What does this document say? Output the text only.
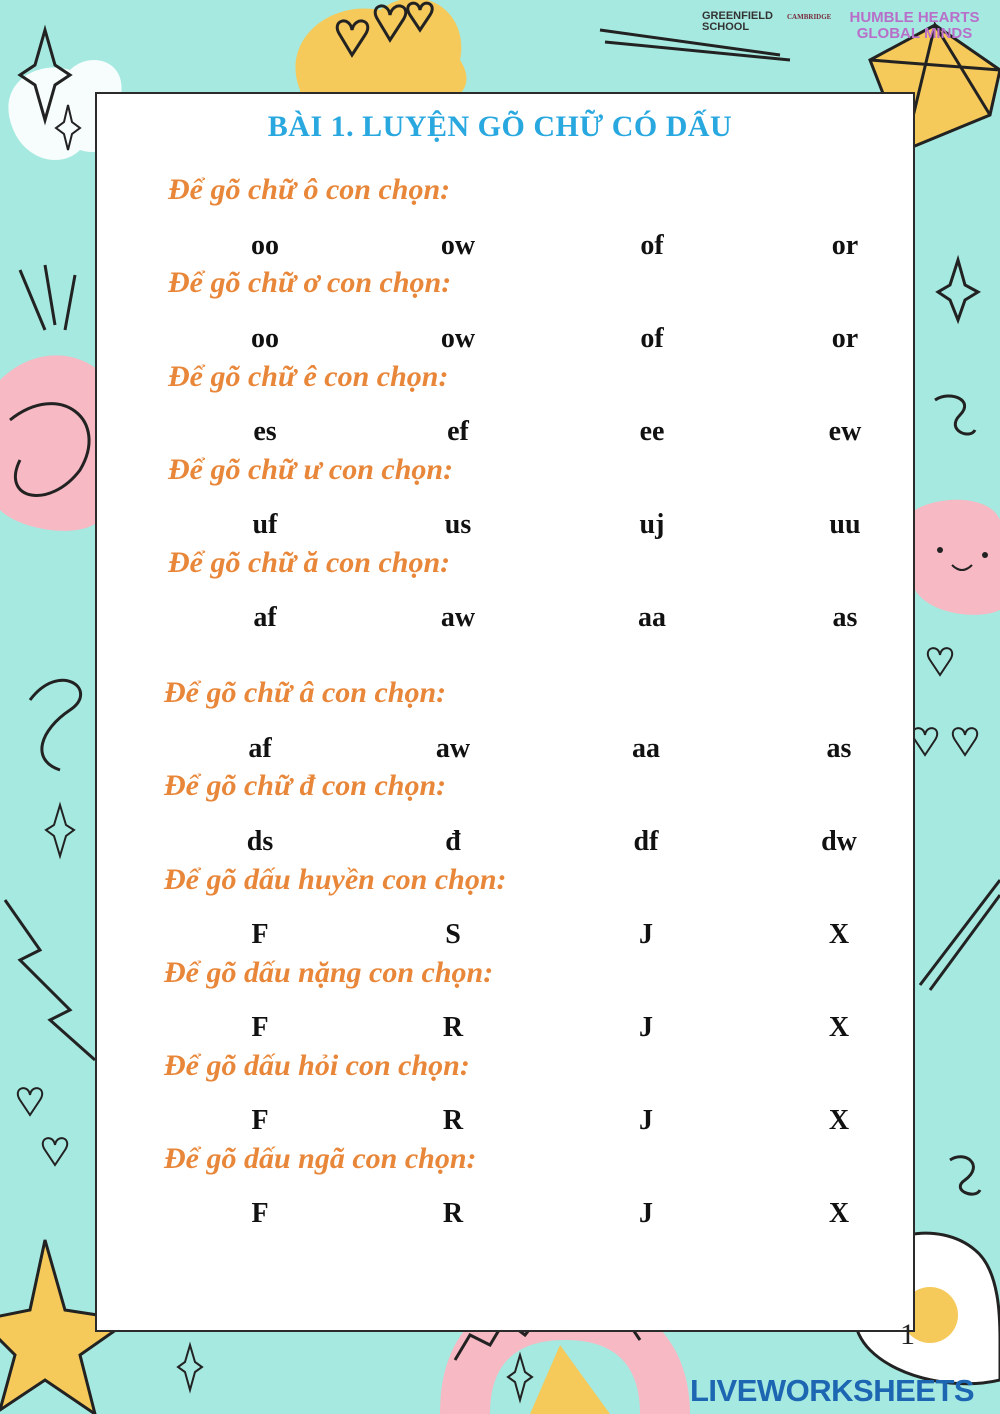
GREENFIELD SCHOOL
CAMBRIDGE HUMBLE HEARTS GLOBAL MINDS
BÀI 1. LUYỆN GÕ CHỮ CÓ DẤU
Để gõ chữ ô con chọn:
oo	ow	of	or
Để gõ chữ ơ con chọn:
oo	ow	of	or
Để gõ chữ ê con chọn:
es	ef	ee	ew
Để gõ chữ ư con chọn:
uf	us	uj	uu
Để gõ chữ ă con chọn:
af	aw	aa	as
Để gõ chữ â con chọn:
af	aw	aa	as
Để gõ chữ đ con chọn:
ds	đ	df	dw
Để gõ dấu huyền con chọn:
F	S	J	X
Để gõ dấu nặng con chọn:
F	R	J	X
Để gõ dấu hỏi con chọn:
F	R	J	X
Để gõ dấu ngã con chọn:
F	R	J	X
1
LIVEWORKSHEETS
